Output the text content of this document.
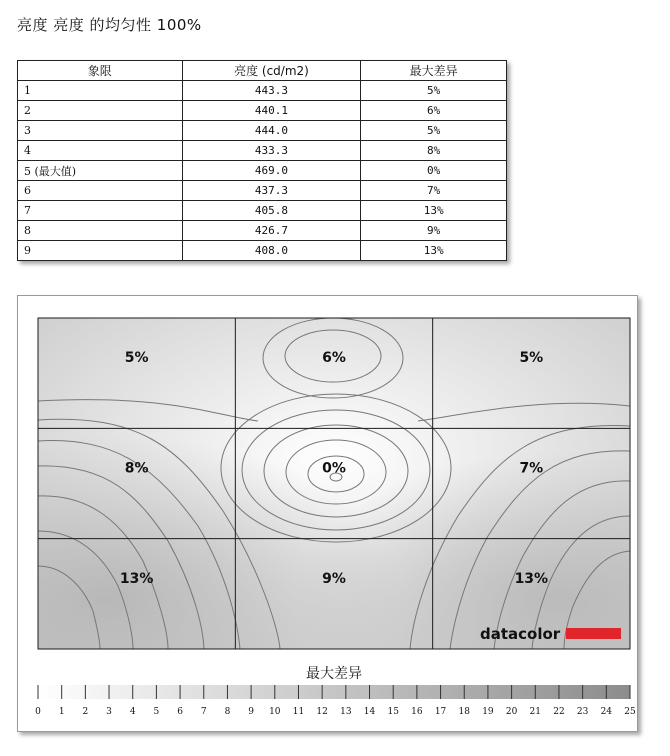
亮度 亮度 的均匀性 100%
象限	亮度 (cd/m2)	最大差异
1	443.3	5%
2	440.1	6%
3	444.0	5%
4	433.3	8%
5 (最大值)	469.0	0%
6	437.3	7%
7	405.8	13%
8	426.7	9%
9	408.0	13%
5%	6%	5%
8%	0%	7%
13%	9%	13%
datacolor
最大差异
0 1 2 3 4 5 6 7 8 9 10 11 12 13 14 15 16 17 18 19 20 21 22 23 24 25
